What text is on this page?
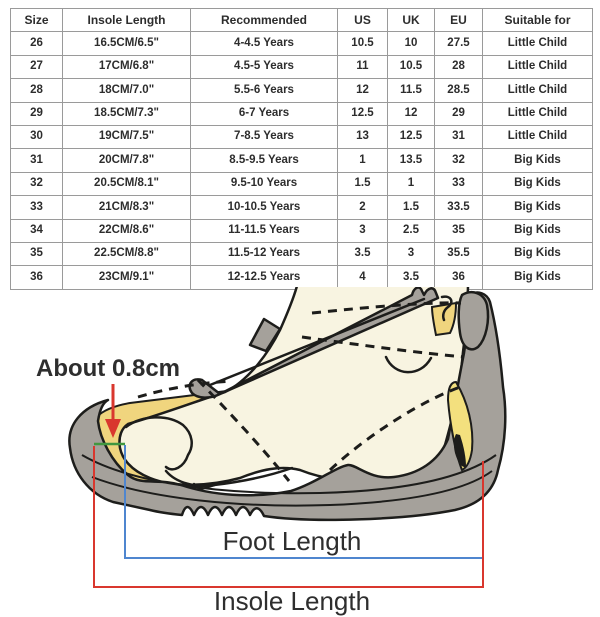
Size	Insole Length	Recommended	US	UK	EU	Suitable for
26	16.5CM/6.5"	4-4.5 Years	10.5	10	27.5	Little Child
27	17CM/6.8"	4.5-5 Years	11	10.5	28	Little Child
28	18CM/7.0"	5.5-6 Years	12	11.5	28.5	Little Child
29	18.5CM/7.3"	6-7 Years	12.5	12	29	Little Child
30	19CM/7.5"	7-8.5 Years	13	12.5	31	Little Child
31	20CM/7.8"	8.5-9.5 Years	1	13.5	32	Big Kids
32	20.5CM/8.1"	9.5-10 Years	1.5	1	33	Big Kids
33	21CM/8.3"	10-10.5 Years	2	1.5	33.5	Big Kids
34	22CM/8.6"	11-11.5 Years	3	2.5	35	Big Kids
35	22.5CM/8.8"	11.5-12 Years	3.5	3	35.5	Big Kids
36	23CM/9.1"	12-12.5 Years	4	3.5	36	Big Kids
About 0.8cm
Foot Length
Insole Length
